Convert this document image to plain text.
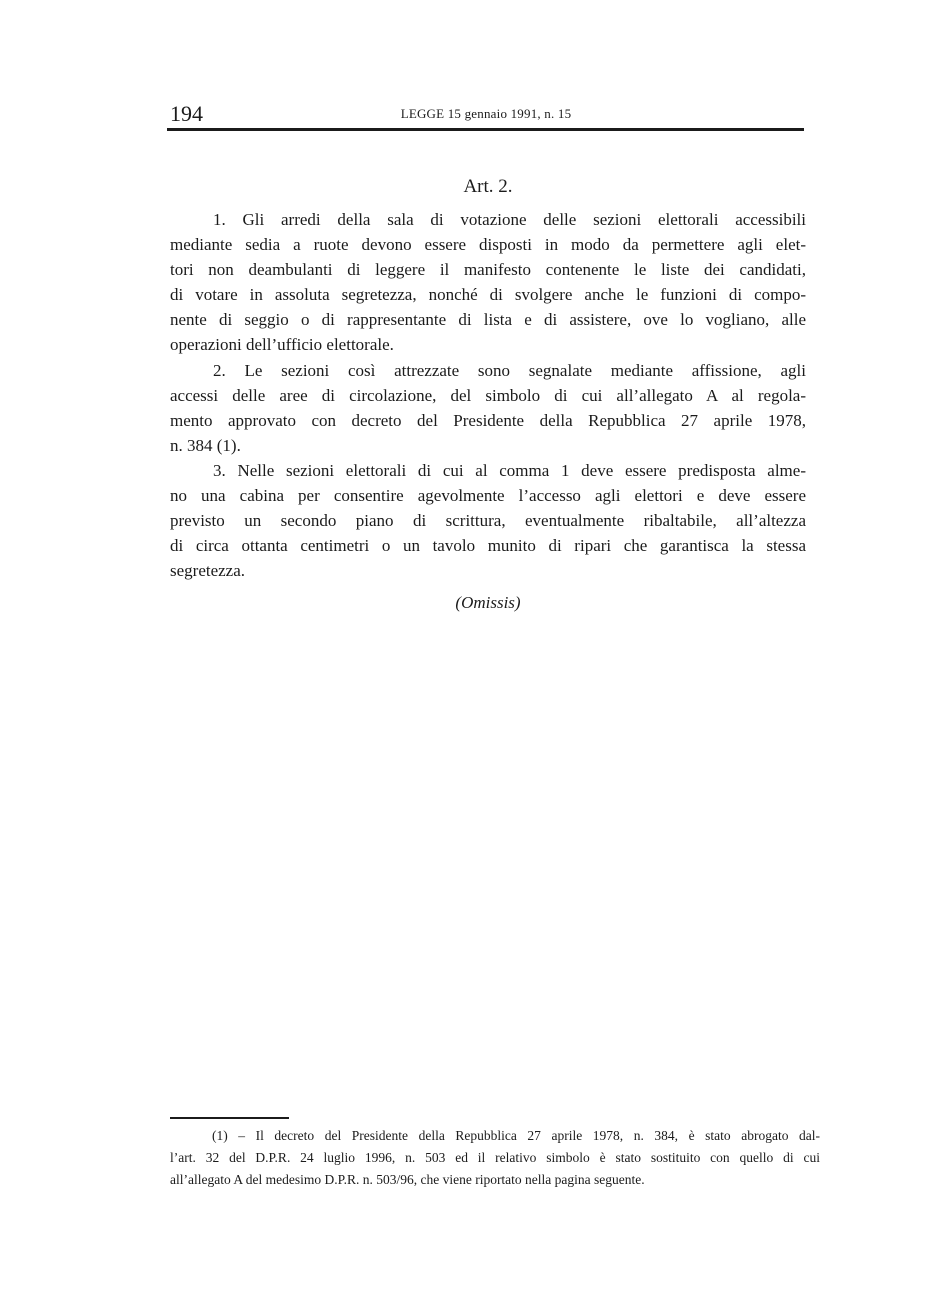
194	LEGGE 15 gennaio 1991, n. 15
Art. 2.
1. Gli arredi della sala di votazione delle sezioni elettorali accessibili
mediante sedia a ruote devono essere disposti in modo da permettere agli elet-
tori non deambulanti di leggere il manifesto contenente le liste dei candidati,
di votare in assoluta segretezza, nonché di svolgere anche le funzioni di compo-
nente di seggio o di rappresentante di lista e di assistere, ove lo vogliano, alle
operazioni dell’ufficio elettorale.
2. Le sezioni così attrezzate sono segnalate mediante affissione, agli
accessi delle aree di circolazione, del simbolo di cui all’allegato A al regola-
mento approvato con decreto del Presidente della Repubblica 27 aprile 1978,
n. 384 (1).
3. Nelle sezioni elettorali di cui al comma 1 deve essere predisposta alme-
no una cabina per consentire agevolmente l’accesso agli elettori e deve essere
previsto un secondo piano di scrittura, eventualmente ribaltabile, all’altezza
di circa ottanta centimetri o un tavolo munito di ripari che garantisca la stessa
segretezza.
(Omissis)
(1) – Il decreto del Presidente della Repubblica 27 aprile 1978, n. 384, è stato abrogato dal-
l’art. 32 del D.P.R. 24 luglio 1996, n. 503 ed il relativo simbolo è stato sostituito con quello di cui
all’allegato A del medesimo D.P.R. n. 503/96, che viene riportato nella pagina seguente.
